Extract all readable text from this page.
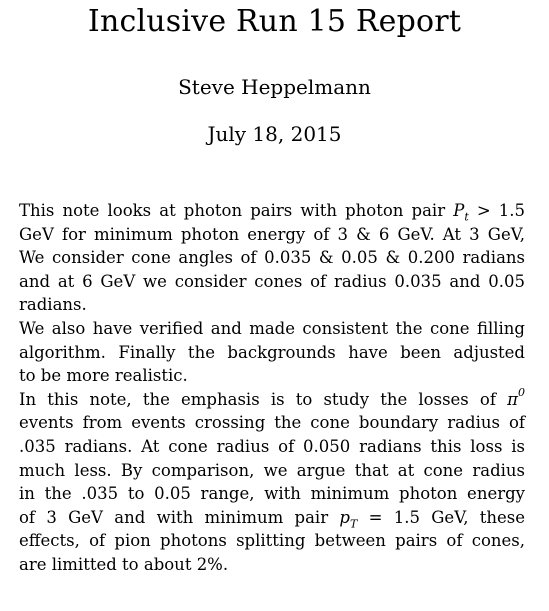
Inclusive Run 15 Report
Steve Heppelmann
July 18, 2015

This note looks at photon pairs with photon pair $P_t > 1.5$
GeV for minimum photon energy of 3 & 6 GeV. At 3 GeV,
We consider cone angles of 0.035 & 0.05 & 0.200 radians
and at 6 GeV we consider cones of radius 0.035 and 0.05
radians.

We also have verified and made consistent the cone filling
algorithm. Finally the backgrounds have been adjusted
to be more realistic.

In this note, the emphasis is to study the losses of $\pi^0$
events from events crossing the cone boundary radius of
.035 radians. At cone radius of 0.050 radians this loss is
much less. By comparison, we argue that at cone radius
in the .035 to 0.05 range, with minimum photon energy
of 3 GeV and with minimum pair $p_T = 1.5$ GeV, these
effects, of pion photons splitting between pairs of cones,
are limitted to about 2%.
